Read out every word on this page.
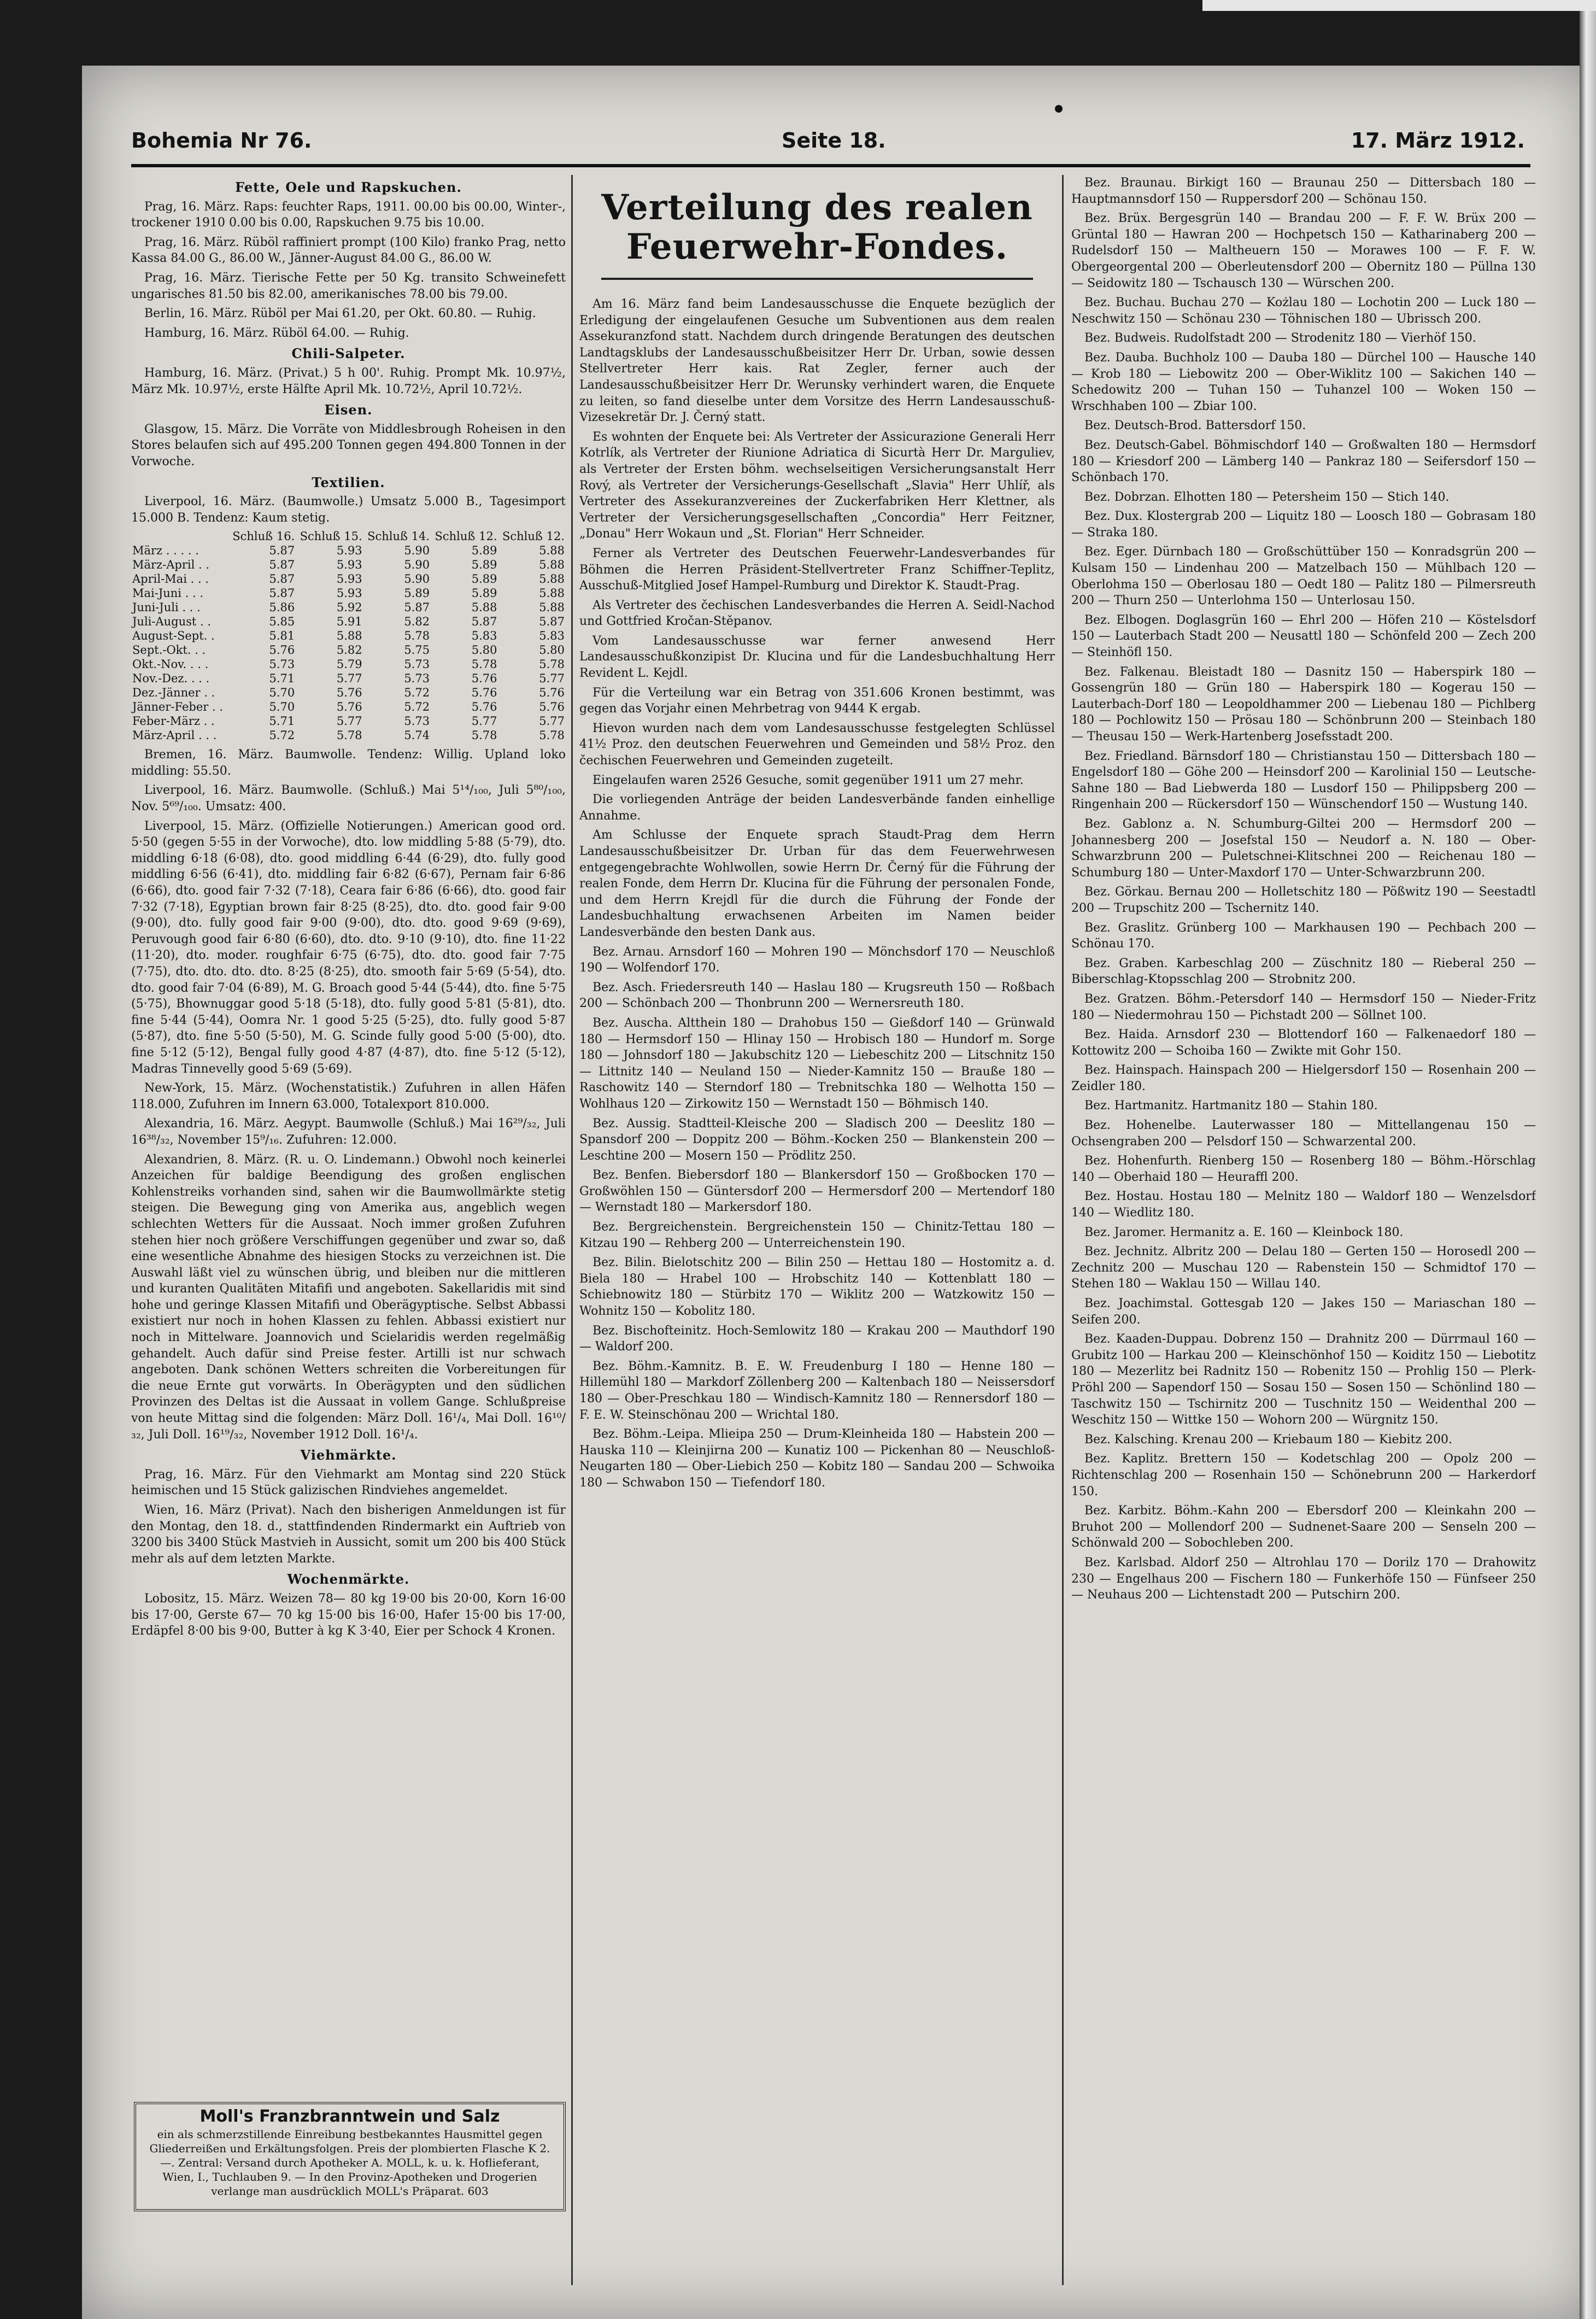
Bohemia Nr 76.	Seite 18.	17. März 1912.
Fette, Oele und Rapskuchen.

Prag, 16. März. Raps: feuchter Raps, 1911. 00.00 bis 00.00, Winter-, trockener 1910 0.00 bis 0.00, Rapskuchen 9.75 bis 10.00.

Prag, 16. März. Rüböl raffiniert prompt (100 Kilo) franko Prag, netto Kassa 84.00 G., 86.00 W., Jänner-August 84.00 G., 86.00 W.

Prag, 16. März. Tierische Fette per 50 Kg. transito Schweinefett ungarisches 81.50 bis 82.00, amerikanisches 78.00 bis 79.00.

Berlin, 16. März. Rüböl per Mai 61.20, per Okt. 60.80. — Ruhig.

Hamburg, 16. März. Rüböl 64.00. — Ruhig.

Chili-Salpeter.

Hamburg, 16. März. (Privat.) 5 h 00'. Ruhig. Prompt Mk. 10.97½, März Mk. 10.97½, erste Hälfte April Mk. 10.72½, April 10.72½.

Eisen.

Glasgow, 15. März. Die Vorräte von Middlesbrough Roheisen in den Stores belaufen sich auf 495.200 Tonnen gegen 494.800 Tonnen in der Vorwoche.

Textilien.

Liverpool, 16. März. (Baumwolle.) Umsatz 5.000 B., Tagesimport 15.000 B. Tendenz: Kaum stetig.

	Schluß 16.	Schluß 15.	Schluß 14.	Schluß 12.	Schluß 12.
März . . . . .	5.87	5.93	5.90	5.89	5.88
März-April . .	5.87	5.93	5.90	5.89	5.88
April-Mai . . .	5.87	5.93	5.90	5.89	5.88
Mai-Juni . . .	5.87	5.93	5.89	5.89	5.88
Juni-Juli . . .	5.86	5.92	5.87	5.88	5.88
Juli-August . .	5.85	5.91	5.82	5.87	5.87
August-Sept. .	5.81	5.88	5.78	5.83	5.83
Sept.-Okt. . .	5.76	5.82	5.75	5.80	5.80
Okt.-Nov. . . .	5.73	5.79	5.73	5.78	5.78
Nov.-Dez. . . .	5.71	5.77	5.73	5.76	5.77
Dez.-Jänner . .	5.70	5.76	5.72	5.76	5.76
Jänner-Feber . .	5.70	5.76	5.72	5.76	5.76
Feber-März . .	5.71	5.77	5.73	5.77	5.77
März-April . . .	5.72	5.78	5.74	5.78	5.78

Bremen, 16. März. Baumwolle. Tendenz: Willig. Upland loko middling: 55.50.

Liverpool, 16. März. Baumwolle. (Schluß.) Mai 5¹⁴/₁₀₀, Juli 5⁸⁰/₁₀₀, Nov. 5⁶⁹/₁₀₀. Umsatz: 400.

Liverpool, 15. März. (Offizielle Notierungen.) American good ord. 5·50 (gegen 5·55 in der Vorwoche), dto. low middling 5·88 (5·79), dto. middling 6·18 (6·08), dto. good middling 6·44 (6·29), dto. fully good middling 6·56 (6·41), dto. middling fair 6·82 (6·67), Pernam fair 6·86 (6·66), dto. good fair 7·32 (7·18), Ceara fair 6·86 (6·66), dto. good fair 7·32 (7·18), Egyptian brown fair 8·25 (8·25), dto. dto. good fair 9·00 (9·00), dto. fully good fair 9·00 (9·00), dto. dto. good 9·69 (9·69), Peruvough good fair 6·80 (6·60), dto. dto. 9·10 (9·10), dto. fine 11·22 (11·20), dto. moder. roughfair 6·75 (6·75), dto. dto. good fair 7·75 (7·75), dto. dto. dto. dto. 8·25 (8·25), dto. smooth fair 5·69 (5·54), dto. dto. good fair 7·04 (6·89), M. G. Broach good 5·44 (5·44), dto. fine 5·75 (5·75), Bhownuggar good 5·18 (5·18), dto. fully good 5·81 (5·81), dto. fine 5·44 (5·44), Oomra Nr. 1 good 5·25 (5·25), dto. fully good 5·87 (5·87), dto. fine 5·50 (5·50), M. G. Scinde fully good 5·00 (5·00), dto. fine 5·12 (5·12), Bengal fully good 4·87 (4·87), dto. fine 5·12 (5·12), Madras Tinnevelly good 5·69 (5·69).

New-York, 15. März. (Wochenstatistik.) Zufuhren in allen Häfen 118.000, Zufuhren im Innern 63.000, Totalexport 810.000.

Alexandria, 16. März. Aegypt. Baumwolle (Schluß.) Mai 16²⁹/₃₂, Juli 16³⁸/₃₂, November 15⁹/₁₆. Zufuhren: 12.000.

Alexandrien, 8. März. (R. u. O. Lindemann.) Obwohl noch keinerlei Anzeichen für baldige Beendigung des großen englischen Kohlenstreiks vorhanden sind, sahen wir die Baumwollmärkte stetig steigen. Die Bewegung ging von Amerika aus, angeblich wegen schlechten Wetters für die Aussaat. Noch immer großen Zufuhren stehen hier noch größere Verschiffungen gegenüber und zwar so, daß eine wesentliche Abnahme des hiesigen Stocks zu verzeichnen ist. Die Auswahl läßt viel zu wünschen übrig, und bleiben nur die mittleren und kuranten Qualitäten Mitafifi und angeboten. Sakellaridis mit sind hohe und geringe Klassen Mitafifi und Oberägyptische. Selbst Abbassi existiert nur noch in hohen Klassen zu fehlen. Abbassi existiert nur noch in Mittelware. Joannovich und Scielaridis werden regelmäßig gehandelt. Auch dafür sind Preise fester. Artilli ist nur schwach angeboten. Dank schönen Wetters schreiten die Vorbereitungen für die neue Ernte gut vorwärts. In Oberägypten und den südlichen Provinzen des Deltas ist die Aussaat in vollem Gange. Schlußpreise von heute Mittag sind die folgenden: März Doll. 16¹/₄, Mai Doll. 16¹⁰/₃₂, Juli Doll. 16¹⁹/₃₂, November 1912 Doll. 16¹/₄.

Viehmärkte.

Prag, 16. März. Für den Viehmarkt am Montag sind 220 Stück heimischen und 15 Stück galizischen Rindviehes angemeldet.

Wien, 16. März (Privat). Nach den bisherigen Anmeldungen ist für den Montag, den 18. d., stattfindenden Rindermarkt ein Auftrieb von 3200 bis 3400 Stück Mastvieh in Aussicht, somit um 200 bis 400 Stück mehr als auf dem letzten Markte.

Wochenmärkte.

Lobositz, 15. März. Weizen 78— 80 kg 19·00 bis 20·00, Korn 16·00 bis 17·00, Gerste 67— 70 kg 15·00 bis 16·00, Hafer 15·00 bis 17·00, Erdäpfel 8·00 bis 9·00, Butter à kg K 3·40, Eier per Schock 4 Kronen.

Moll's Franzbranntwein und Salz
ein als schmerzstillende Einreibung bestbekanntes Hausmittel gegen Gliederreißen und Erkältungsfolgen. Preis der plombierten Flasche K 2.—. Zentral: Versand durch Apotheker A. MOLL, k. u. k. Hoflieferant, Wien, I., Tuchlauben 9. — In den Provinz-Apotheken und Drogerien verlange man ausdrücklich MOLL's Präparat. 603
Verteilung des realen Feuerwehr-Fondes.

Am 16. März fand beim Landesausschusse die Enquete bezüglich der Erledigung der eingelaufenen Gesuche um Subventionen aus dem realen Assekuranzfond statt. Nachdem durch dringende Beratungen des deutschen Landtagsklubs der Landesausschußbeisitzer Herr Dr. Urban, sowie dessen Stellvertreter Herr kais. Rat Zegler, ferner auch der Landesausschußbeisitzer Herr Dr. Werunsky verhindert waren, die Enquete zu leiten, so fand dieselbe unter dem Vorsitze des Herrn Landesausschuß-Vizesekretär Dr. J. Černý statt.

Es wohnten der Enquete bei: Als Vertreter der Assicurazione Generali Herr Kotrlík, als Vertreter der Riunione Adriatica di Sicurtà Herr Dr. Marguliev, als Vertreter der Ersten böhm. wechselseitigen Versicherungsanstalt Herr Rový, als Vertreter der Versicherungs-Gesellschaft „Slavia" Herr Uhlíř, als Vertreter des Assekuranzvereines der Zuckerfabriken Herr Klettner, als Vertreter der Versicherungsgesellschaften „Concordia" Herr Feitzner, „Donau" Herr Wokaun und „St. Florian" Herr Schneider.

Ferner als Vertreter des Deutschen Feuerwehr-Landesverbandes für Böhmen die Herren Präsident-Stellvertreter Franz Schiffner-Teplitz, Ausschuß-Mitglied Josef Hampel-Rumburg und Direktor K. Staudt-Prag.

Als Vertreter des čechischen Landesverbandes die Herren A. Seidl-Nachod und Gottfried Kročan-Stěpanov.

Vom Landesausschusse war ferner anwesend Herr Landesausschußkonzipist Dr. Klucina und für die Landesbuchhaltung Herr Revident L. Kejdl.

Für die Verteilung war ein Betrag von 351.606 Kronen bestimmt, was gegen das Vorjahr einen Mehrbetrag von 9444 K ergab.

Hievon wurden nach dem vom Landesausschusse festgelegten Schlüssel 41½ Proz. den deutschen Feuerwehren und Gemeinden und 58½ Proz. den čechischen Feuerwehren und Gemeinden zugeteilt.

Eingelaufen waren 2526 Gesuche, somit gegenüber 1911 um 27 mehr.

Die vorliegenden Anträge der beiden Landesverbände fanden einhellige Annahme.

Am Schlusse der Enquete sprach Staudt-Prag dem Herrn Landesausschußbeisitzer Dr. Urban für das dem Feuerwehrwesen entgegengebrachte Wohlwollen, sowie Herrn Dr. Černý für die Führung der realen Fonde, dem Herrn Dr. Klucina für die Führung der personalen Fonde, und dem Herrn Krejdl für die durch die Führung der Fonde der Landesbuchhaltung erwachsenen Arbeiten im Namen beider Landesverbände den besten Dank aus.

Bez. Arnau. Arnsdorf 160 — Mohren 190 — Mönchsdorf 170 — Neuschloß 190 — Wolfendorf 170.

Bez. Asch. Friedersreuth 140 — Haslau 180 — Krugsreuth 150 — Roßbach 200 — Schönbach 200 — Thonbrunn 200 — Wernersreuth 180.

Bez. Auscha. Altthein 180 — Drahobus 150 — Gießdorf 140 — Grünwald 180 — Hermsdorf 150 — Hlinay 150 — Hrobisch 180 — Hundorf m. Sorge 180 — Johnsdorf 180 — Jakubschitz 120 — Liebeschitz 200 — Litschnitz 150 — Littnitz 140 — Neuland 150 — Nieder-Kamnitz 150 — Brauße 180 — Raschowitz 140 — Sterndorf 180 — Trebnitschka 180 — Welhotta 150 — Wohlhaus 120 — Zirkowitz 150 — Wernstadt 150 — Böhmisch 140.

Bez. Aussig. Stadtteil-Kleische 200 — Sladisch 200 — Deeslitz 180 — Spansdorf 200 — Doppitz 200 — Böhm.-Kocken 250 — Blankenstein 200 — Leschtine 200 — Mosern 150 — Prödlitz 250.

Bez. Benfen. Biebersdorf 180 — Blankersdorf 150 — Großbocken 170 — Großwöhlen 150 — Güntersdorf 200 — Hermersdorf 200 — Mertendorf 180 — Wernstadt 180 — Markersdorf 180.

Bez. Bergreichenstein. Bergreichenstein 150 — Chinitz-Tettau 180 — Kitzau 190 — Rehberg 200 — Unterreichenstein 190.

Bez. Bilin. Bielotschitz 200 — Bilin 250 — Hettau 180 — Hostomitz a. d. Biela 180 — Hrabel 100 — Hrobschitz 140 — Kottenblatt 180 — Schiebnowitz 180 — Stürbitz 170 — Wiklitz 200 — Watzkowitz 150 — Wohnitz 150 — Kobolitz 180.

Bez. Bischofteinitz. Hoch-Semlowitz 180 — Krakau 200 — Mauthdorf 190 — Waldorf 200.

Bez. Böhm.-Kamnitz. B. E. W. Freudenburg I 180 — Henne 180 — Hillemühl 180 — Markdorf Zöllenberg 200 — Kaltenbach 180 — Neissersdorf 180 — Ober-Preschkau 180 — Windisch-Kamnitz 180 — Rennersdorf 180 — F. E. W. Steinschönau 200 — Wrichtal 180.

Bez. Böhm.-Leipa. Mlieipa 250 — Drum-Kleinheida 180 — Habstein 200 — Hauska 110 — Kleinjirna 200 — Kunatiz 100 — Pickenhan 80 — Neuschloß-Neugarten 180 — Ober-Liebich 250 — Kobitz 180 — Sandau 200 — Schwoika 180 — Schwabon 150 — Tiefendorf 180.

Bez. Braunau. Birkigt 160 — Braunau 250 — Dittersbach 180 — Hauptmannsdorf 150 — Ruppersdorf 200 — Schönau 150.

Bez. Brüx. Bergesgrün 140 — Brandau 200 — F. F. W. Brüx 200 — Grüntal 180 — Hawran 200 — Hochpetsch 150 — Katharinaberg 200 — Rudelsdorf 150 — Maltheuern 150 — Morawes 100 — F. F. W. Obergeorgental 200 — Oberleutensdorf 200 — Obernitz 180 — Püllna 130 — Seidowitz 180 — Tschausch 130 — Würschen 200.

Bez. Buchau. Buchau 270 — Kożlau 180 — Lochotin 200 — Luck 180 — Neschwitz 150 — Schönau 230 — Töhnischen 180 — Ubrissch 200.

Bez. Budweis. Rudolfstadt 200 — Strodenitz 180 — Vierhöf 150.

Bez. Dauba. Buchholz 100 — Dauba 180 — Dürchel 100 — Hausche 140 — Krob 180 — Liebowitz 200 — Ober-Wiklitz 100 — Sakichen 140 — Schedowitz 200 — Tuhan 150 — Tuhanzel 100 — Woken 150 — Wrschhaben 100 — Zbiar 100.

Bez. Deutsch-Brod. Battersdorf 150.

Bez. Deutsch-Gabel. Böhmischdorf 140 — Großwalten 180 — Hermsdorf 180 — Kriesdorf 200 — Lämberg 140 — Pankraz 180 — Seifersdorf 150 — Schönbach 170.

Bez. Dobrzan. Elhotten 180 — Petersheim 150 — Stich 140.

Bez. Dux. Klostergrab 200 — Liquitz 180 — Loosch 180 — Gobrasam 180 — Straka 180.

Bez. Eger. Dürnbach 180 — Großschüttüber 150 — Konradsgrün 200 — Kulsam 150 — Lindenhau 200 — Matzelbach 150 — Mühlbach 120 — Oberlohma 150 — Oberlosau 180 — Oedt 180 — Palitz 180 — Pilmersreuth 200 — Thurn 250 — Unterlohma 150 — Unterlosau 150.

Bez. Elbogen. Doglasgrün 160 — Ehrl 200 — Höfen 210 — Köstelsdorf 150 — Lauterbach Stadt 200 — Neusattl 180 — Schönfeld 200 — Zech 200 — Steinhöfl 150.

Bez. Falkenau. Bleistadt 180 — Dasnitz 150 — Haberspirk 180 — Gossengrün 180 — Grün 180 — Haberspirk 180 — Kogerau 150 — Lauterbach-Dorf 180 — Leopoldhammer 200 — Liebenau 180 — Pichlberg 180 — Pochlowitz 150 — Prösau 180 — Schönbrunn 200 — Steinbach 180 — Theusau 150 — Werk-Hartenberg Josefsstadt 200.

Bez. Friedland. Bärnsdorf 180 — Christianstau 150 — Dittersbach 180 — Engelsdorf 180 — Göhe 200 — Heinsdorf 200 — Karolinial 150 — Leutsche-Sahne 180 — Bad Liebwerda 180 — Lusdorf 150 — Philippsberg 200 — Ringenhain 200 — Rückersdorf 150 — Wünschendorf 150 — Wustung 140.

Bez. Gablonz a. N. Schumburg-Giltei 200 — Hermsdorf 200 — Johannesberg 200 — Josefstal 150 — Neudorf a. N. 180 — Ober-Schwarzbrunn 200 — Puletschnei-Klitschnei 200 — Reichenau 180 — Schumburg 180 — Unter-Maxdorf 170 — Unter-Schwarzbrunn 200.

Bez. Görkau. Bernau 200 — Holletschitz 180 — Pößwitz 190 — Seestadtl 200 — Trupschitz 200 — Tschernitz 140.

Bez. Graslitz. Grünberg 100 — Markhausen 190 — Pechbach 200 — Schönau 170.

Bez. Graben. Karbeschlag 200 — Züschnitz 180 — Rieberal 250 — Biberschlag-Ktopsschlag 200 — Strobnitz 200.

Bez. Gratzen. Böhm.-Petersdorf 140 — Hermsdorf 150 — Nieder-Fritz 180 — Niedermohrau 150 — Pichstadt 200 — Söllnet 100.

Bez. Haida. Arnsdorf 230 — Blottendorf 160 — Falkenaedorf 180 — Kottowitz 200 — Schoiba 160 — Zwikte mit Gohr 150.

Bez. Hainspach. Hainspach 200 — Hielgersdorf 150 — Rosenhain 200 — Zeidler 180.

Bez. Hartmanitz. Hartmanitz 180 — Stahin 180.

Bez. Hohenelbe. Lauterwasser 180 — Mittellangenau 150 — Ochsengraben 200 — Pelsdorf 150 — Schwarzental 200.

Bez. Hohenfurth. Rienberg 150 — Rosenberg 180 — Böhm.-Hörschlag 140 — Oberhaid 180 — Heuraffl 200.

Bez. Hostau. Hostau 180 — Melnitz 180 — Waldorf 180 — Wenzelsdorf 140 — Wiedlitz 180.

Bez. Jaromer. Hermanitz a. E. 160 — Kleinbock 180.

Bez. Jechnitz. Albritz 200 — Delau 180 — Gerten 150 — Horosedl 200 — Zechnitz 200 — Muschau 120 — Rabenstein 150 — Schmidtof 170 — Stehen 180 — Waklau 150 — Willau 140.

Bez. Joachimstal. Gottesgab 120 — Jakes 150 — Mariaschan 180 — Seifen 200.

Bez. Kaaden-Duppau. Dobrenz 150 — Drahnitz 200 — Dürrmaul 160 — Grubitz 100 — Harkau 200 — Kleinschönhof 150 — Koiditz 150 — Liebotitz 180 — Mezerlitz bei Radnitz 150 — Robenitz 150 — Prohlig 150 — Plerk-Pröhl 200 — Sapendorf 150 — Sosau 150 — Sosen 150 — Schönlind 180 — Taschwitz 150 — Tschirnitz 200 — Tuschnitz 150 — Weidenthal 200 — Weschitz 150 — Wittke 150 — Wohorn 200 — Würgnitz 150.

Bez. Kalsching. Krenau 200 — Kriebaum 180 — Kiebitz 200.

Bez. Kaplitz. Brettern 150 — Kodetschlag 200 — Opolz 200 — Richtenschlag 200 — Rosenhain 150 — Schönebrunn 200 — Harkerdorf 150.

Bez. Karbitz. Böhm.-Kahn 200 — Ebersdorf 200 — Kleinkahn 200 — Bruhot 200 — Mollendorf 200 — Sudnenet-Saare 200 — Senseln 200 — Schönwald 200 — Sobochleben 200.

Bez. Karlsbad. Aldorf 250 — Altrohlau 170 — Dorilz 170 — Drahowitz 230 — Engelhaus 200 — Fischern 180 — Funkerhöfe 150 — Fünfseer 250 — Neuhaus 200 — Lichtenstadt 200 — Putschirn 200.
